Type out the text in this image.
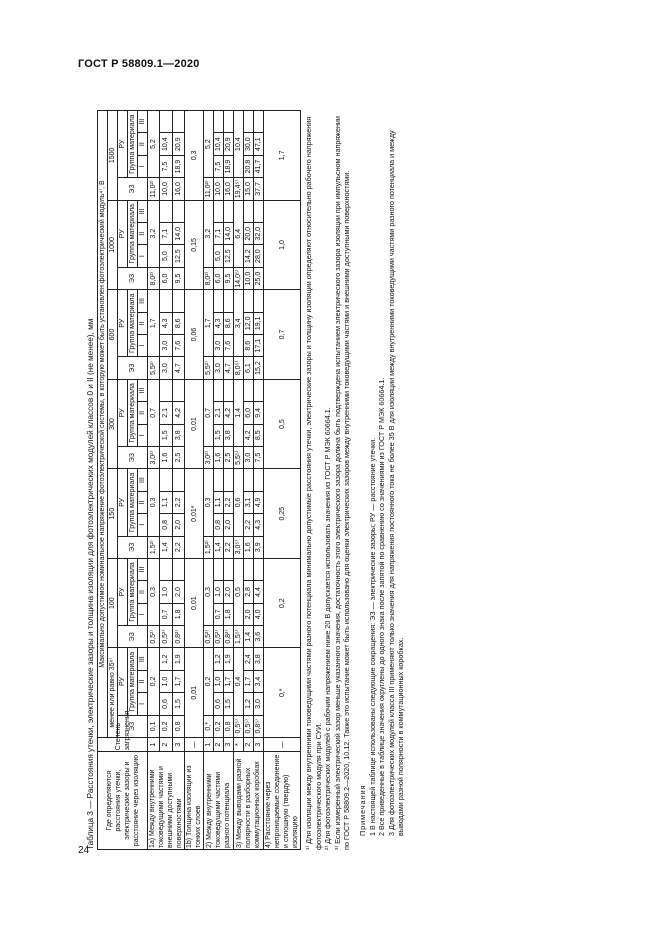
ГОСТ Р 58809.1—2020
24
Таблица 3 — Расстояния утечки, электрические зазоры и толщина изоляции для фотоэлектрических модулей классов 0 и II (не менее), мм Где определяются расстояния утечки, электрические зазоры и расстояние через изоляцию	Степень загрязнения	Максимально допустимое номинальное напряжение фотоэлектрической системы, в которую может быть установлен фотоэлектрический модуль⁴⁾, В																											
		менее или равно 35⁶⁾				100				150				300				600				1000				1500			
		ЭЗ	РУ			ЭЗ	РУ			ЭЗ	РУ			ЭЗ	РУ			ЭЗ	РУ			ЭЗ	РУ			ЭЗ	РУ		
			Группа материала				Группа материала				Группа материала				Группа материала				Группа материала				Группа материала				Группа материала		
			I	II	III		I	II	III		I	II	III		I	II	III		I	II	III		I	II	III		I	II	III
1а) Между внутренними токоведущими частями и внешними доступными поверхностями	1	0,1	0,2			0,5²⁾	0,3			1,5²⁾	0,3			3,0²⁾	0,7			5,5²⁾	1,7			8,0²⁾	3,2			11,0²⁾	5,2		
	2	0,2	0,6	1,0	1,2	0,5²⁾	0,7	1,0		1,4	0,8	1,1		1,6	1,5	2,1		3,0	3,0	4,3		6,0	5,0	7,1		10,0	7,5	10,4	
	3	0,8	1,5	1,7	1,9	0,8²⁾	1,8	2,0		2,2	2,0	2,2		2,5	3,8	4,2		4,7	7,6	8,6		9,5	12,5	14,0		16,0	18,9	20,9	
1b) Толщина изоляции из тонких слоев	—	0,01				0,01				0,01*				0,01				0,06				0,15				0,3			
2) Между внутренними токоведущими частями разного потенциала	1	0,*	0,2			0,5²⁾	0,3			1,5²⁾	0,3			3,0²⁾	0,7			5,5²⁾	1,7			8,0²⁾	3,2			11,0²⁾	5,2		
	2	0,2	0,6	1,0	1,2	0,5²⁾	0,7	1,0		1,4	0,8	1,1		1,6	1,5	2,1		3,0	3,0	4,3		6,0	5,0	7,1		10,0	7,5	10,4	
	3	0,8	1,5	1,7	1,9	0,8²⁾	1,8	2,0		2,2	2,0	2,2		2,5	3,8	4,2		4,7	7,6	8,6		9,5	12,5	14,0		16,0	18,9	20,9	
3) Между выводами разной полярности в разборных коммутационных коробках	*	0,5⁵⁾	0,4			1,5⁵⁾	0,5			3,0⁵⁾	0,6			5,5⁵⁾	1,4			8,0⁵⁾	3,4			14,0⁵⁾	6,4			19,4⁵⁾	10,4		
	2	0,5⁵⁾	1,2	1,7	2,4	1,4	2,0	2,8		1,6	2,2	3,1		3,0	4,2	6,0		6,1	8,6	12,0		10,0	14,2	20,0		15,0	20,8	30,0	
	3	0,8⁵⁾	3,0	3,4	3,8	3,6	4,0	4,4		3,9	4,3	4,9		7,5	8,5	9,4		15,2	17,1	19,1		25,0	28,0	32,0		37,7	41,7	47,1	
4) Расстояние через непроницаемые соединение и сплошную (твердую) изоляцию	—	0,*				0,2				0,25				0,5				0,7				1,0				1,7				¹⁾ Для изоляции между внутренними токоведущими частями разного потенциала минимально допустимые расстояния утечки, электрические зазоры и толщину изоляции определяют относительно рабочего напряжения фотоэлектрического модуля при СУИ. ²⁾ Для фотоэлектрических модулей с рабочим напряжением ниже 20 В допускается использовать значения из ГОСТ Р МЭК 60664.1. ³⁾ Если измеренный электрический зазор меньше указанного значения, достаточность этого электрического зазора должна быть подтверждена испытанием электрического зазора изоляции при импульсном напряжении по ГОСТ Р 58809.2—2020, 10.12. Также это испытание может быть использовано для оценки электрических зазоров между внутренними токоведущими частями и внешними доступными поверхностями. Примечания 1 В настоящей таблице использованы следующие сокращения: ЭЗ — электрические зазоры; РУ — расстояние утечки. 2 Все приведенные в таблице значения округлены до одного знака после запятой по сравнению со значениями из ГОСТ Р МЭК 60664.1. 3 Для фотоэлектрических модулей класса III применяют только значения для напряжения постоянного тока не более 35 В для изоляции между внутренними токоведущими частями разного потенциала и между выводами разной полярности в коммутационных коробках.
